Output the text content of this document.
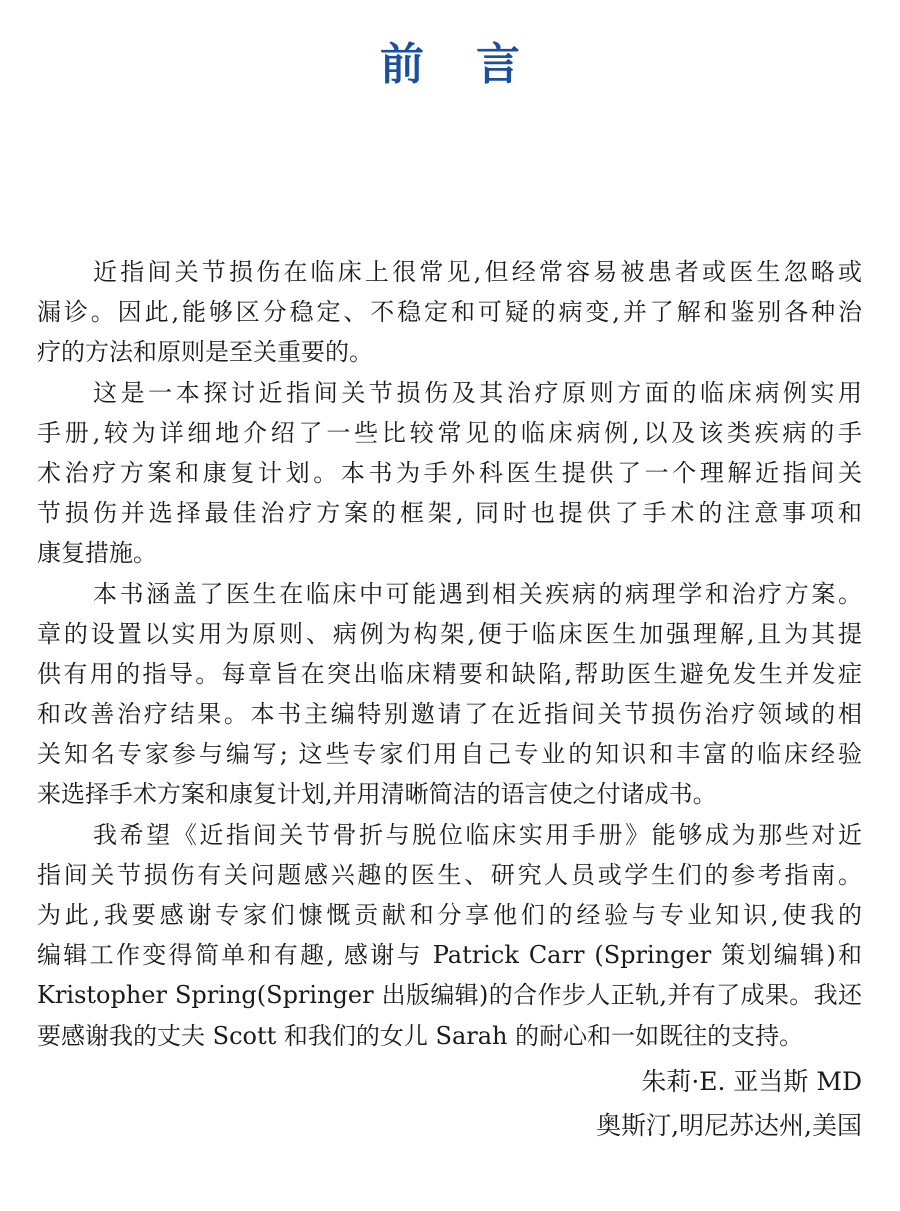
前 言
近指间关节损伤在临床上很常见,但经常容易被患者或医生忽略或
漏诊。因此,能够区分稳定、不稳定和可疑的病变,并了解和鉴别各种治
疗的方法和原则是至关重要的。
这是一本探讨近指间关节损伤及其治疗原则方面的临床病例实用
手册,较为详细地介绍了一些比较常见的临床病例,以及该类疾病的手
术治疗方案和康复计划。本书为手外科医生提供了一个理解近指间关
节损伤并选择最佳治疗方案的框架, 同时也提供了手术的注意事项和
康复措施。
本书涵盖了医生在临床中可能遇到相关疾病的病理学和治疗方案。
章的设置以实用为原则、病例为构架,便于临床医生加强理解,且为其提
供有用的指导。每章旨在突出临床精要和缺陷,帮助医生避免发生并发症
和改善治疗结果。本书主编特别邀请了在近指间关节损伤治疗领域的相
关知名专家参与编写; 这些专家们用自己专业的知识和丰富的临床经验
来选择手术方案和康复计划,并用清晰简洁的语言使之付诸成书。
我希望《近指间关节骨折与脱位临床实用手册》能够成为那些对近
指间关节损伤有关问题感兴趣的医生、研究人员或学生们的参考指南。
为此,我要感谢专家们慷慨贡献和分享他们的经验与专业知识,使我的
编辑工作变得简单和有趣, 感谢与 Patrick Carr (Springer 策划编辑)和
Kristopher Spring(Springer 出版编辑)的合作步人正轨,并有了成果。我还
要感谢我的丈夫 Scott 和我们的女儿 Sarah 的耐心和一如既往的支持。
朱莉·E. 亚当斯 MD
奥斯汀,明尼苏达州,美国
